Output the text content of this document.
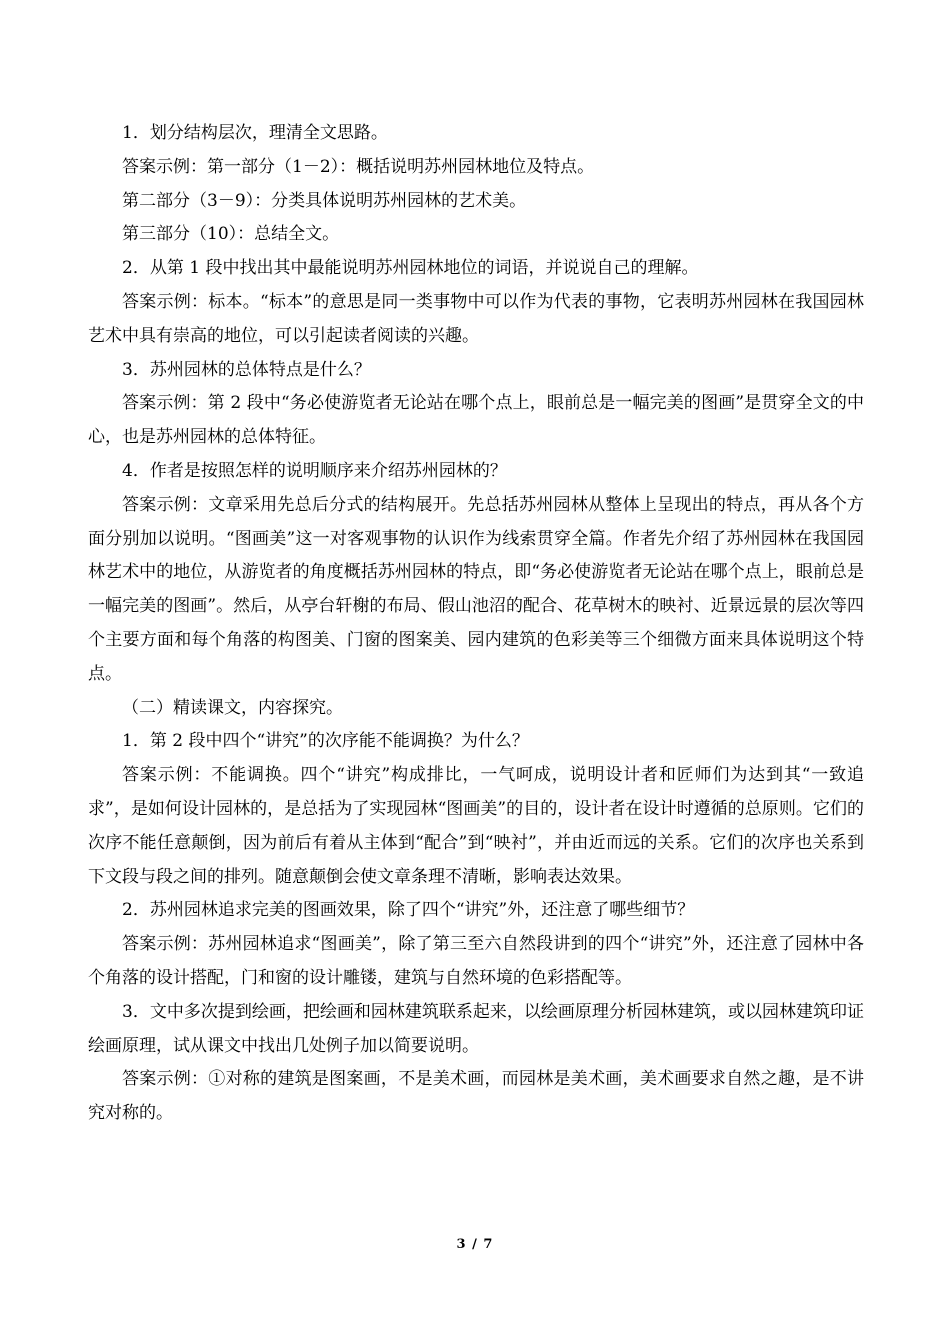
1．划分结构层次，理清全文思路。

答案示例：第一部分（1－2）：概括说明苏州园林地位及特点。

第二部分（3－9）：分类具体说明苏州园林的艺术美。

第三部分（10）：总结全文。

2．从第 1 段中找出其中最能说明苏州园林地位的词语，并说说自己的理解。

答案示例：标本。“标本”的意思是同一类事物中可以作为代表的事物，它表明苏州园林在我国园林艺术中具有崇高的地位，可以引起读者阅读的兴趣。

3．苏州园林的总体特点是什么？

答案示例：第 2 段中“务必使游览者无论站在哪个点上，眼前总是一幅完美的图画”是贯穿全文的中心，也是苏州园林的总体特征。

4．作者是按照怎样的说明顺序来介绍苏州园林的？

答案示例：文章采用先总后分式的结构展开。先总括苏州园林从整体上呈现出的特点，再从各个方面分别加以说明。“图画美”这一对客观事物的认识作为线索贯穿全篇。作者先介绍了苏州园林在我国园林艺术中的地位，从游览者的角度概括苏州园林的特点，即“务必使游览者无论站在哪个点上，眼前总是一幅完美的图画”。然后，从亭台轩榭的布局、假山池沼的配合、花草树木的映衬、近景远景的层次等四个主要方面和每个角落的构图美、门窗的图案美、园内建筑的色彩美等三个细微方面来具体说明这个特点。

（二）精读课文，内容探究。

1．第 2 段中四个“讲究”的次序能不能调换？为什么？

答案示例：不能调换。四个“讲究”构成排比，一气呵成，说明设计者和匠师们为达到其“一致追求”，是如何设计园林的，是总括为了实现园林“图画美”的目的，设计者在设计时遵循的总原则。它们的次序不能任意颠倒，因为前后有着从主体到“配合”到“映衬”，并由近而远的关系。它们的次序也关系到下文段与段之间的排列。随意颠倒会使文章条理不清晰，影响表达效果。

2．苏州园林追求完美的图画效果，除了四个“讲究”外，还注意了哪些细节？

答案示例：苏州园林追求“图画美”，除了第三至六自然段讲到的四个“讲究”外，还注意了园林中各个角落的设计搭配，门和窗的设计雕镂，建筑与自然环境的色彩搭配等。

3．文中多次提到绘画，把绘画和园林建筑联系起来，以绘画原理分析园林建筑，或以园林建筑印证绘画原理，试从课文中找出几处例子加以简要说明。

答案示例：①对称的建筑是图案画，不是美术画，而园林是美术画，美术画要求自然之趣，是不讲究对称的。

3 / 7
